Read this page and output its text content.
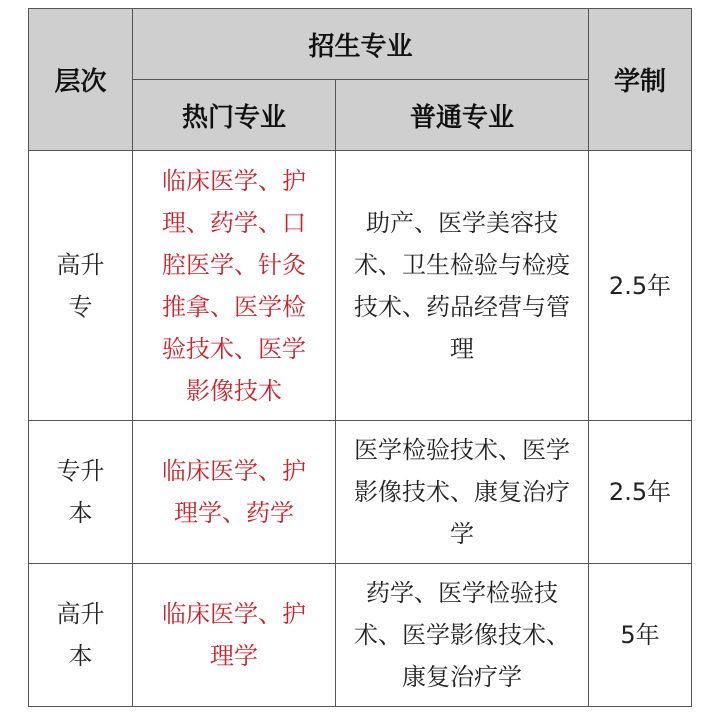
层次	招生专业		学制
	热门专业	普通专业	

高升专	临床医学、护理、药学、口腔医学、针灸推拿、医学检验技术、医学影像技术	助产、医学美容技术、卫生检验与检疫技术、药品经营与管理	2.5年

专升本	临床医学、护理学、药学	医学检验技术、医学影像技术、康复治疗学	2.5年

高升本	临床医学、护理学	药学、医学检验技术、医学影像技术、康复治疗学	5年
